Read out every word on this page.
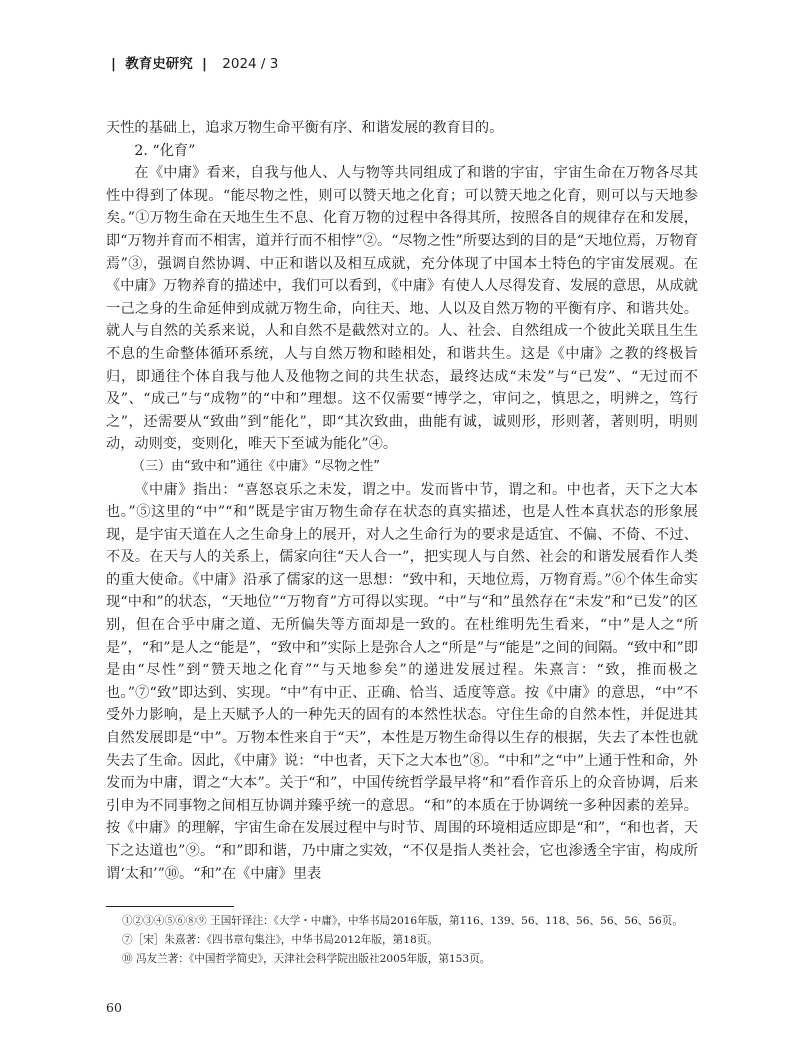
| 教育史研究 | 2024 / 3

天性的基础上，追求万物生命平衡有序、和谐发展的教育目的。

2. “化育”

在《中庸》看来，自我与他人、人与物等共同组成了和谐的宇宙，宇宙生命在万物各尽其性中得到了体现。“能尽物之性，则可以赞天地之化育；可以赞天地之化育，则可以与天地参矣。”①万物生命在天地生生不息、化育万物的过程中各得其所，按照各自的规律存在和发展，即“万物并育而不相害，道并行而不相悖”②。“尽物之性”所要达到的目的是“天地位焉，万物育焉”③，强调自然协调、中正和谐以及相互成就，充分体现了中国本土特色的宇宙发展观。在《中庸》万物养育的描述中，我们可以看到，《中庸》有使人人尽得发育、发展的意思，从成就一己之身的生命延伸到成就万物生命，向往天、地、人以及自然万物的平衡有序、和谐共处。就人与自然的关系来说，人和自然不是截然对立的。人、社会、自然组成一个彼此关联且生生不息的生命整体循环系统，人与自然万物和睦相处，和谐共生。这是《中庸》之教的终极旨归，即通往个体自我与他人及他物之间的共生状态，最终达成“未发”与“已发”、“无过而不及”、“成己”与“成物”的“中和”理想。这不仅需要“博学之，审问之，慎思之，明辨之，笃行之”，还需要从“致曲”到“能化”，即“其次致曲，曲能有诚，诚则形，形则著，著则明，明则动，动则变，变则化，唯天下至诚为能化”④。

（三）由“致中和”通往《中庸》“尽物之性”

《中庸》指出：“喜怒哀乐之未发，谓之中。发而皆中节，谓之和。中也者，天下之大本也。”⑤这里的“中”“和”既是宇宙万物生命存在状态的真实描述，也是人性本真状态的形象展现，是宇宙天道在人之生命身上的展开，对人之生命行为的要求是适宜、不偏、不倚、不过、不及。在天与人的关系上，儒家向往“天人合一”，把实现人与自然、社会的和谐发展看作人类的重大使命。《中庸》沿承了儒家的这一思想：“致中和，天地位焉，万物育焉。”⑥个体生命实现“中和”的状态，“天地位”“万物育”方可得以实现。“中”与“和”虽然存在“未发”和“已发”的区别，但在合乎中庸之道、无所偏失等方面却是一致的。在杜维明先生看来，“中”是人之“所是”，“和”是人之“能是”，“致中和”实际上是弥合人之“所是”与“能是”之间的间隔。“致中和”即是由“尽性”到“赞天地之化育”“与天地参矣”的递进发展过程。朱熹言：“致，推而极之也。”⑦“致”即达到、实现。“中”有中正、正确、恰当、适度等意。按《中庸》的意思，“中”不受外力影响，是上天赋予人的一种先天的固有的本然性状态。守住生命的自然本性，并促进其自然发展即是“中”。万物本性来自于“天”，本性是万物生命得以生存的根据，失去了本性也就失去了生命。因此，《中庸》说：“中也者，天下之大本也”⑧。“中和”之“中”上通于性和命，外发而为中庸，谓之“大本”。关于“和”，中国传统哲学最早将“和”看作音乐上的众音协调，后来引申为不同事物之间相互协调并臻乎统一的意思。“和”的本质在于协调统一多种因素的差异。按《中庸》的理解，宇宙生命在发展过程中与时节、周围的环境相适应即是“和”，“和也者，天下之达道也”⑨。“和”即和谐，乃中庸之实效，“不仅是指人类社会，它也渗透全宇宙，构成所谓‘太和’”⑩。“和”在《中庸》里表

①②③④⑤⑥⑧⑨ 王国轩译注：《大学・中庸》，中华书局2016年版，第116、139、56、118、56、56、56、56页。
⑦［宋］朱熹著：《四书章句集注》，中华书局2012年版，第18页。
⑩ 冯友兰著：《中国哲学简史》，天津社会科学院出版社2005年版，第153页。
60
